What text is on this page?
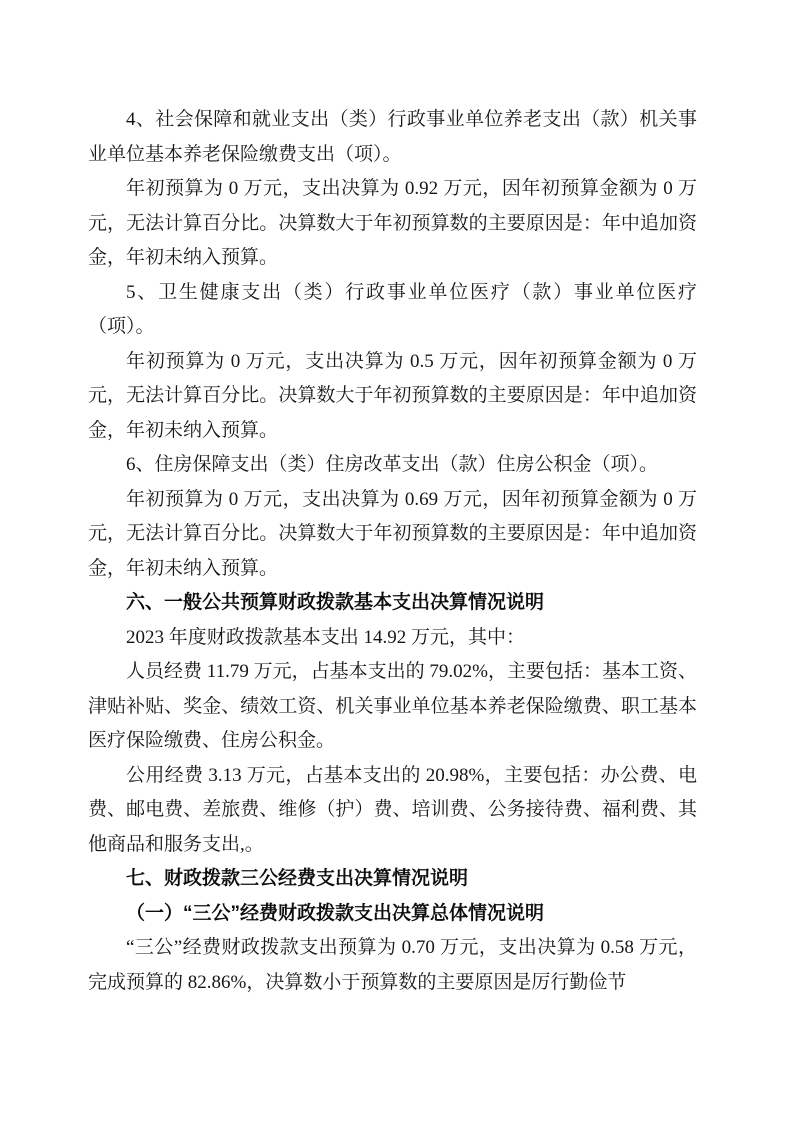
4、社会保障和就业支出（类）行政事业单位养老支出（款）机关事业单位基本养老保险缴费支出（项）。

年初预算为 0 万元，支出决算为 0.92 万元，因年初预算金额为 0 万元，无法计算百分比。决算数大于年初预算数的主要原因是：年中追加资金，年初未纳入预算。

5、卫生健康支出（类）行政事业单位医疗（款）事业单位医疗（项）。

年初预算为 0 万元，支出决算为 0.5 万元，因年初预算金额为 0 万元，无法计算百分比。决算数大于年初预算数的主要原因是：年中追加资金，年初未纳入预算。

6、住房保障支出（类）住房改革支出（款）住房公积金（项）。

年初预算为 0 万元，支出决算为 0.69 万元，因年初预算金额为 0 万元，无法计算百分比。决算数大于年初预算数的主要原因是：年中追加资金，年初未纳入预算。

六、一般公共预算财政拨款基本支出决算情况说明

2023 年度财政拨款基本支出 14.92 万元，其中：

人员经费 11.79 万元，占基本支出的 79.02%，主要包括：基本工资、津贴补贴、奖金、绩效工资、机关事业单位基本养老保险缴费、职工基本医疗保险缴费、住房公积金。

公用经费 3.13 万元，占基本支出的 20.98%，主要包括：办公费、电费、邮电费、差旅费、维修（护）费、培训费、公务接待费、福利费、其他商品和服务支出,。

七、财政拨款三公经费支出决算情况说明

（一）“三公”经费财政拨款支出决算总体情况说明

“三公”经费财政拨款支出预算为 0.70 万元，支出决算为 0.58 万元，完成预算的 82.86%，决算数小于预算数的主要原因是厉行勤俭节
